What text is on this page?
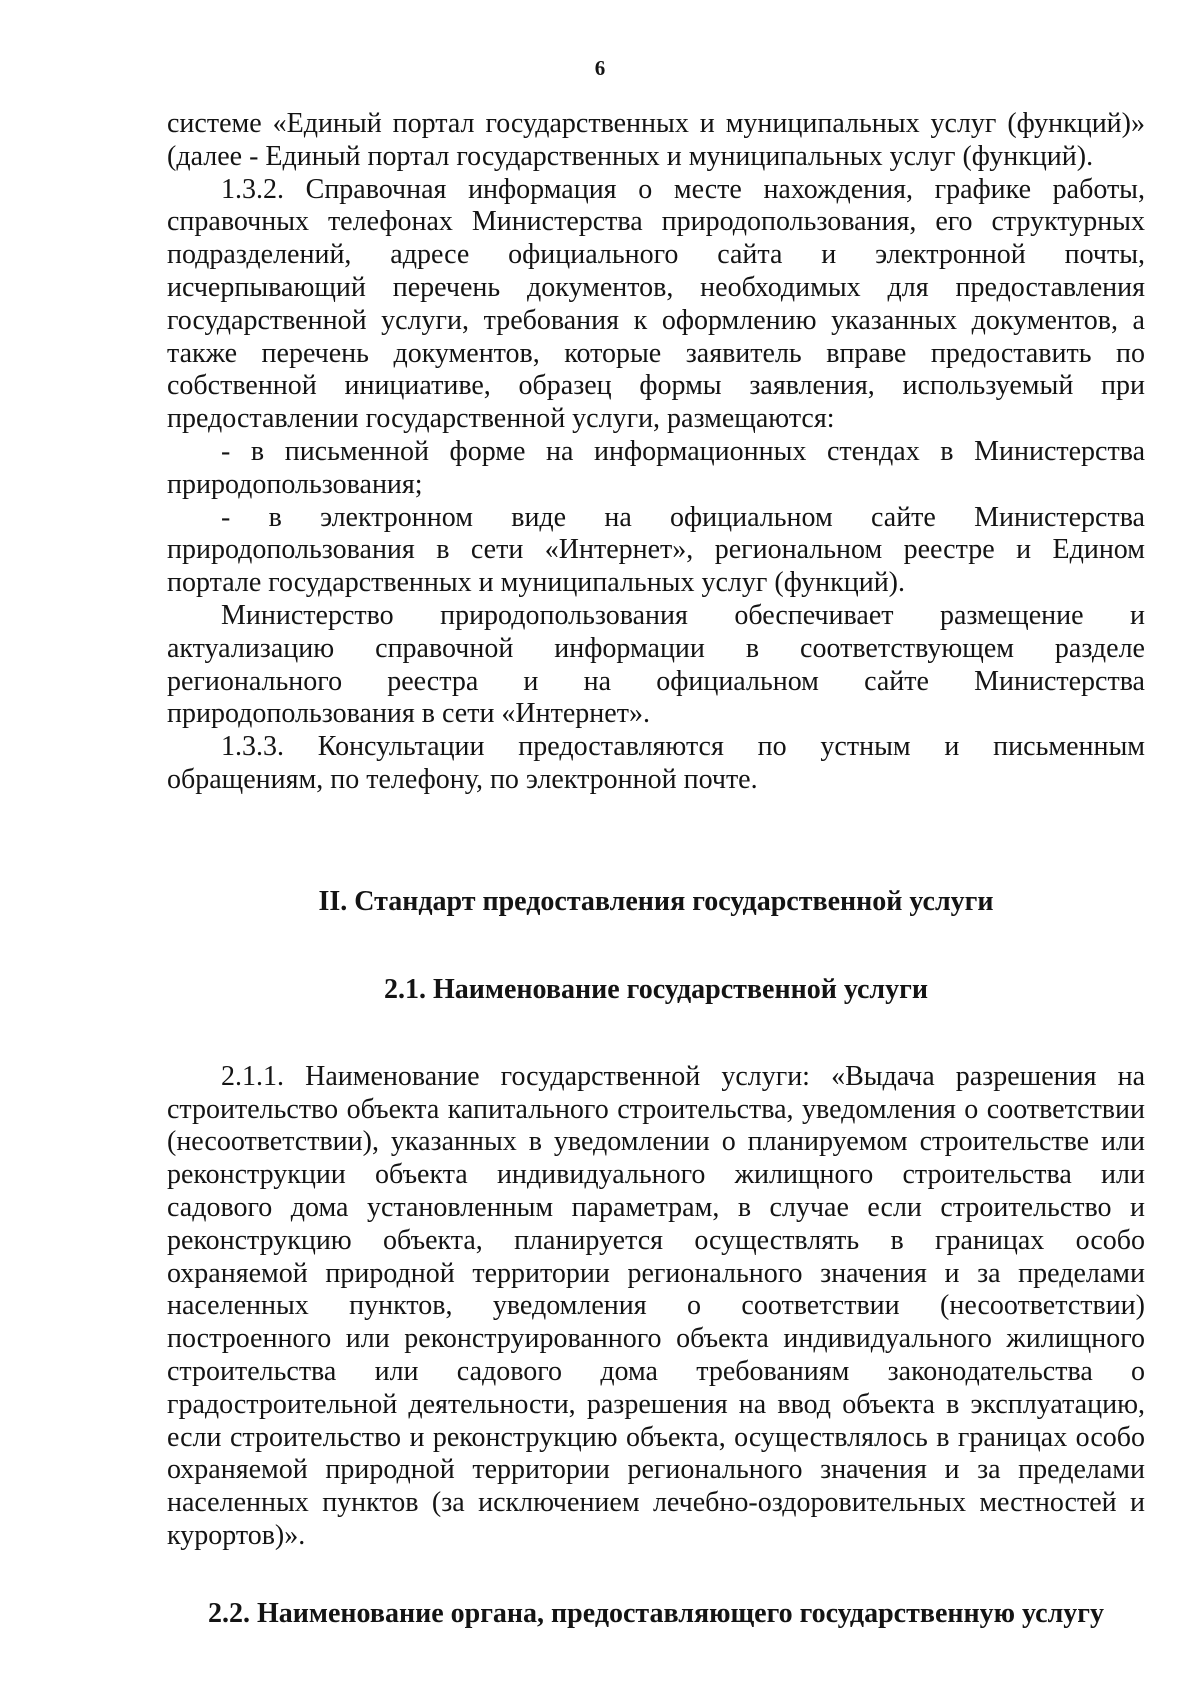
6

системе «Единый портал государственных и муниципальных услуг (функций)» (далее - Единый портал государственных и муниципальных услуг (функций).

1.3.2. Справочная информация о месте нахождения, графике работы, справочных телефонах Министерства природопользования, его структурных подразделений, адресе официального сайта и электронной почты, исчерпывающий перечень документов, необходимых для предоставления государственной услуги, требования к оформлению указанных документов, а также перечень документов, которые заявитель вправе предоставить по собственной инициативе, образец формы заявления, используемый при предоставлении государственной услуги, размещаются:

- в письменной форме на информационных стендах в Министерства природопользования;

- в электронном виде на официальном сайте Министерства природопользования в сети «Интернет», региональном реестре и Едином портале государственных и муниципальных услуг (функций).

Министерство природопользования обеспечивает размещение и актуализацию справочной информации в соответствующем разделе регионального реестра и на официальном сайте Министерства природопользования в сети «Интернет».

1.3.3. Консультации предоставляются по устным и письменным обращениям, по телефону, по электронной почте.

II. Стандарт предоставления государственной услуги
2.1. Наименование государственной услуги

2.1.1. Наименование государственной услуги: «Выдача разрешения на строительство объекта капитального строительства, уведомления о соответствии (несоответствии), указанных в уведомлении о планируемом строительстве или реконструкции объекта индивидуального жилищного строительства или садового дома установленным параметрам, в случае если строительство и реконструкцию объекта, планируется осуществлять в границах особо охраняемой природной территории регионального значения и за пределами населенных пунктов, уведомления о соответствии (несоответствии) построенного или реконструированного объекта индивидуального жилищного строительства или садового дома требованиям законодательства о градостроительной деятельности, разрешения на ввод объекта в эксплуатацию, если строительство и реконструкцию объекта, осуществлялось в границах особо охраняемой природной территории регионального значения и за пределами населенных пунктов (за исключением лечебно-оздоровительных местностей и курортов)».

2.2. Наименование органа, предоставляющего государственную услугу
